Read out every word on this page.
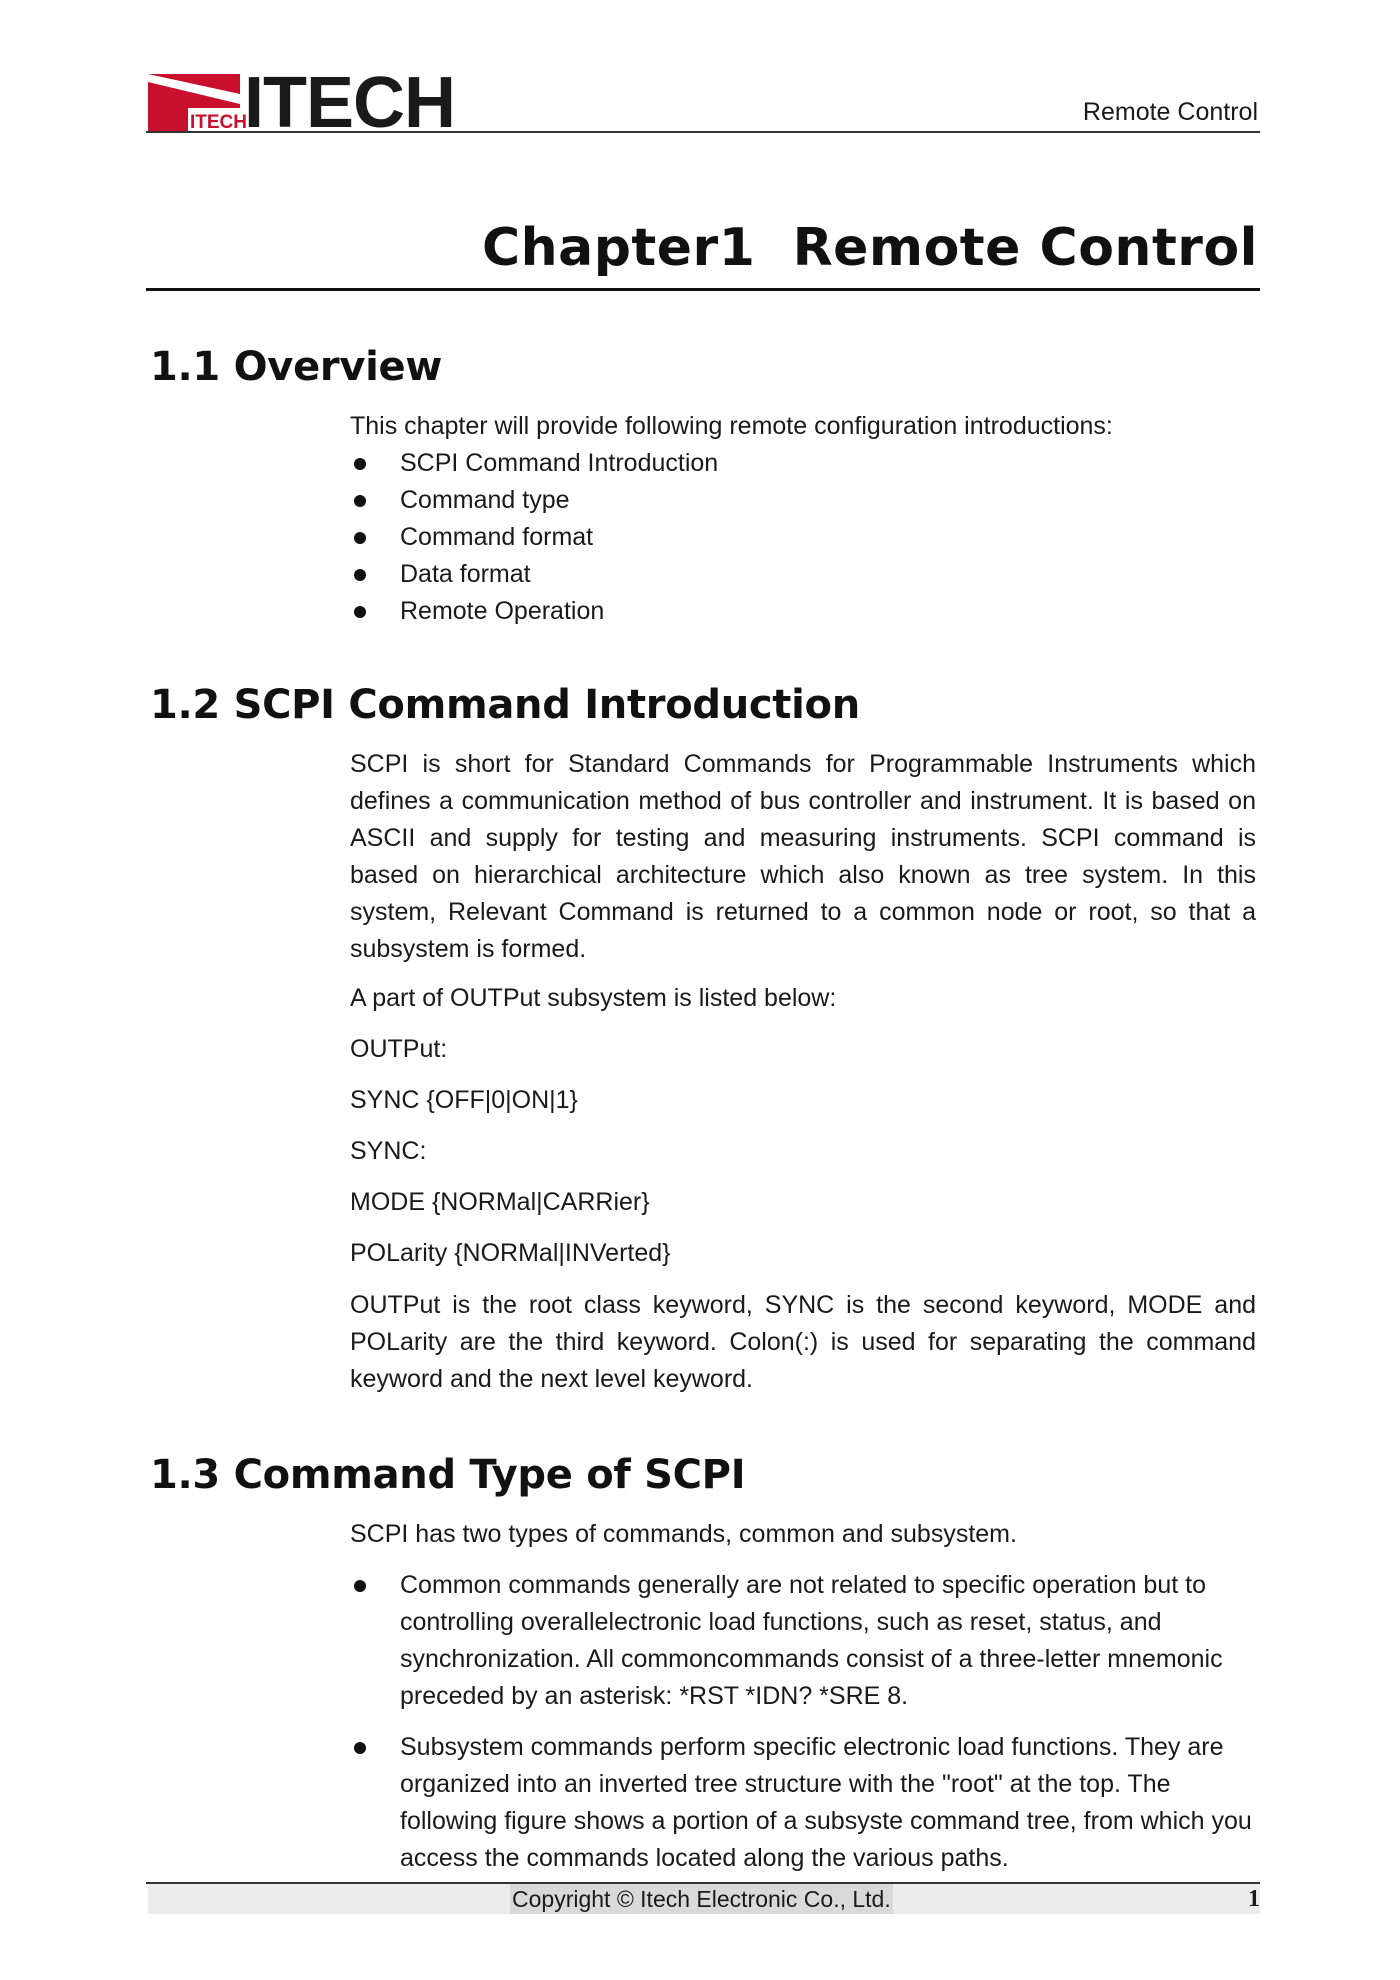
ITECH
ITECH	Remote Control
Chapter1  Remote Control
1.1 Overview

This chapter will provide following remote configuration introductions:

SCPI Command Introduction
Command type
Command format
Data format
Remote Operation
1.2 SCPI Command Introduction

SCPI is short for Standard Commands for Programmable Instruments which defines a communication method of bus controller and instrument. It is based on ASCII and supply for testing and measuring instruments. SCPI command is based on hierarchical architecture which also known as tree system. In this system, Relevant Command is returned to a common node or root, so that a subsystem is formed.

A part of OUTPut subsystem is listed below:
OUTPut:
SYNC {OFF|0|ON|1}
SYNC:
MODE {NORMal|CARRier}
POLarity {NORMal|INVerted}

OUTPut is the root class keyword, SYNC is the second keyword, MODE and POLarity are the third keyword. Colon(:) is used for separating the command keyword and the next level keyword.

1.3 Command Type of SCPI

SCPI has two types of commands, common and subsystem.

Common commands generally are not related to specific operation but to controlling overallelectronic load functions, such as reset, status, and synchronization. All commoncommands consist of a three-letter mnemonic preceded by an asterisk: *RST *IDN? *SRE 8.
Subsystem commands perform specific electronic load functions. They are organized into an inverted tree structure with the "root" at the top. The following figure shows a portion of a subsyste command tree, from which you access the commands located along the various paths.
Copyright © Itech Electronic Co., Ltd.	1
